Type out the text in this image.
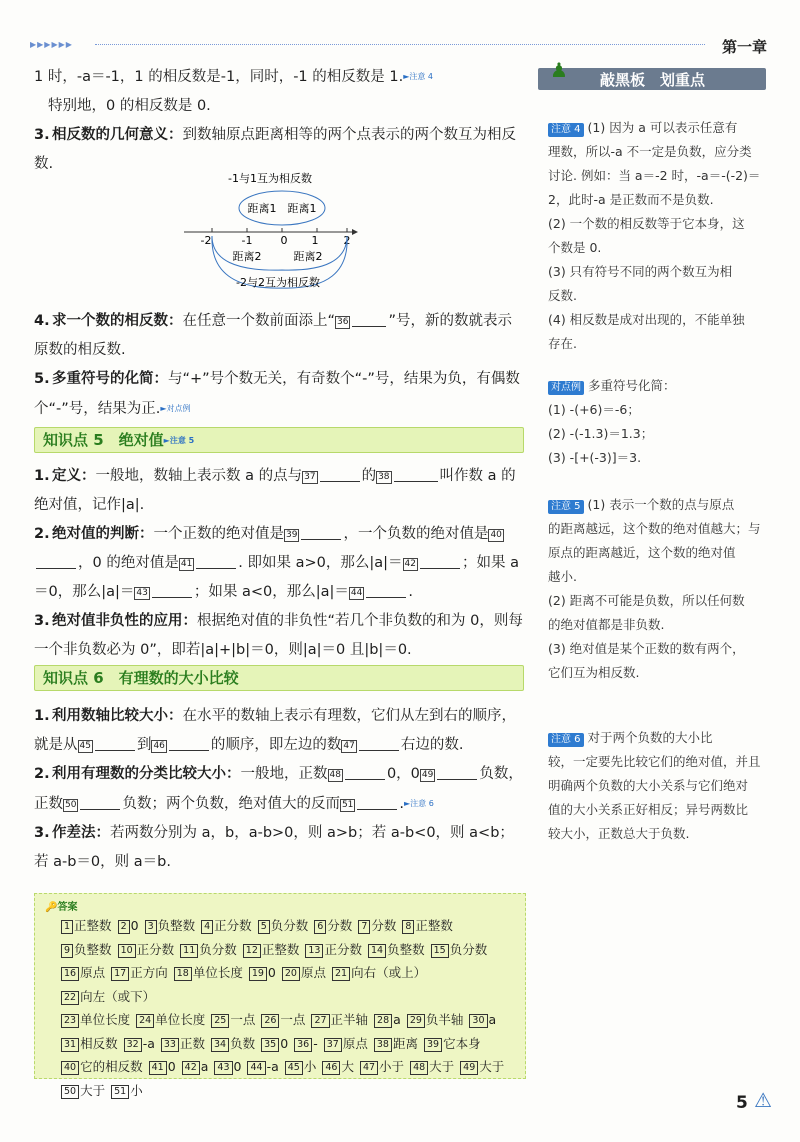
▶▶▶▶▶▶	第一章
1 时，-a＝-1，1 的相反数是-1，同时，-1 的相反数是 1.►注意 4
特别地，0 的相反数是 0.
3. 相反数的几何意义：到数轴原点距离相等的两个点表示的两个数互为相反数.
-1与1互为相反数
距离1 距离1
-2	-1	0 1 2
距离2	距离2
-2与2互为相反数
4. 求一个数的相反数：在任意一个数前面添上“ 36	”号，新的数就表示原数的相反数.
5. 多重符号的化简：与“+”号个数无关，有奇数个“-”号，结果为负，有偶数个“-”号，结果为正.►对点例
知识点 5　绝对值►注意 5
1. 定义：一般地，数轴上表示数 a 的点与 37	的 38	叫作数 a 的绝对值，记作|a|.
2. 绝对值的判断：一个正数的绝对值是 39	，一个负数的绝对值是 40，0 的绝对值是 41	. 即如果 a>0，那么|a|＝ 42	；如果 a＝0，那么|a|＝ 43	；如果 a<0，那么|a|＝ 44	.
3. 绝对值非负性的应用：根据绝对值的非负性“若几个非负数的和为 0，则每一个非负数必为 0”，即若|a|+|b|＝0，则|a|＝0 且|b|＝0.
知识点 6　有理数的大小比较
1. 利用数轴比较大小：在水平的数轴上表示有理数，它们从左到右的顺序，就是从 45	到 46	的顺序，即左边的数 47	右边的数.
2. 利用有理数的分类比较大小：一般地，正数 48	0，0 49	负数，正数 50	负数；两个负数，绝对值大的反而 51	.►注意 6
3. 作差法：若两数分别为 a，b，a-b>0，则 a>b；若 a-b<0，则 a<b；若 a-b＝0，则 a＝b.
🔑答案
1 正整数 2 0 3 负整数 4 正分数 5 负分数 6 分数 7 分数 8 正整数
9 负整数 10 正分数 11 负分数 12 正整数 13 正分数 14 负整数 15 负分数
16 原点 17 正方向 18 单位长度 19 0 20 原点 21 向右（或上）22 向左（或下）
23 单位长度 24 单位长度 25 一点 26 一点 27 正半轴 28 a 29 负半轴 30 a
31 相反数 32 -a 33 正数 34 负数 35 0 36 - 37 原点 38 距离 39 它本身
40 它的相反数 41 0 42 a 43 0 44 -a 45 小 46 大 47 小于 48 大于 49 大于
50 大于 51 小
♟ 敲黑板　划重点
注意 4 (1) 因为 a 可以表示任意有
理数，所以-a 不一定是负数，应分类
讨论. 例如：当 a＝-2 时，-a＝-(-2)＝
2，此时-a 是正数而不是负数.
(2) 一个数的相反数等于它本身，这
个数是 0.
(3) 只有符号不同的两个数互为相
反数.
(4) 相反数是成对出现的，不能单独
存在.
对点例 多重符号化简：
(1) -(+6)＝-6；
(2) -(-1.3)＝1.3；
(3) -[+(-3)]＝3.
注意 5 (1) 表示一个数的点与原点
的距离越远，这个数的绝对值越大；与
原点的距离越近，这个数的绝对值
越小.
(2) 距离不可能是负数，所以任何数
的绝对值都是非负数.
(3) 绝对值是某个正数的数有两个，
它们互为相反数.
注意 6 对于两个负数的大小比
较，一定要先比较它们的绝对值，并且
明确两个负数的大小关系与它们绝对
值的大小关系正好相反；异号两数比
较大小，正数总大于负数.
5 ⚠
